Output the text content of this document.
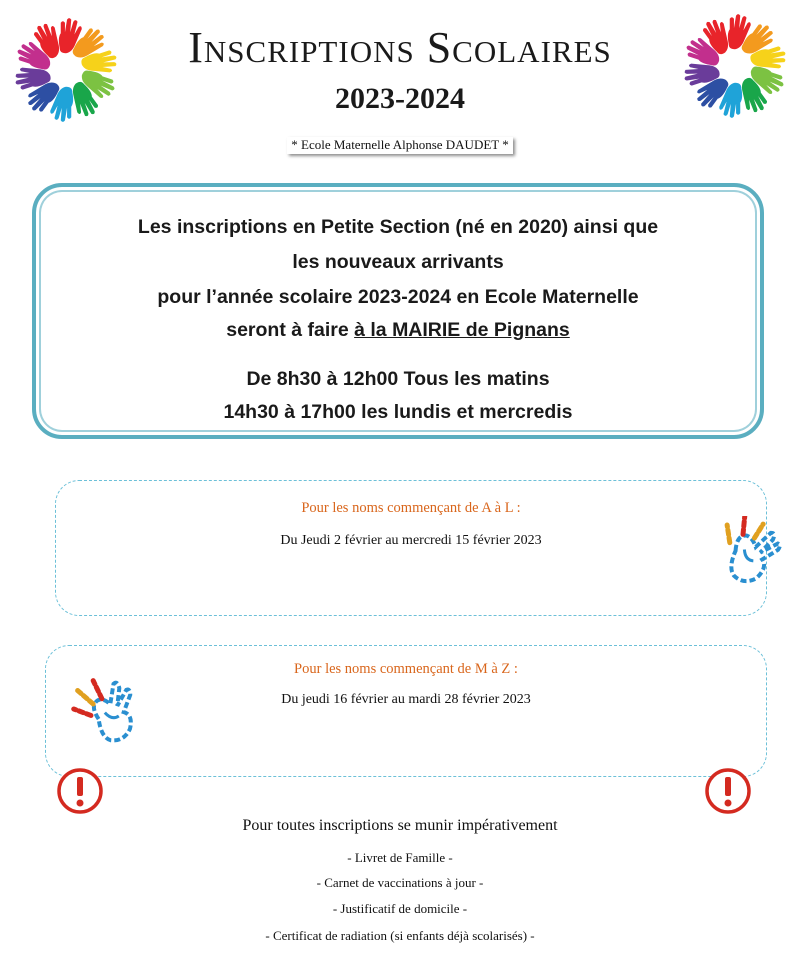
Inscriptions Scolaires
2023-2024
* Ecole Maternelle Alphonse DAUDET *
Les inscriptions en Petite Section (né en 2020) ainsi que
les nouveaux arrivants
pour l’année scolaire 2023-2024 en Ecole Maternelle
seront à faire à la MAIRIE de Pignans
De 8h30 à 12h00 Tous les matins
14h30 à 17h00 les lundis et mercredis
Pour les noms commençant de A à L :
Du Jeudi 2 février au mercredi 15 février 2023
Pour les noms commençant de M à Z :
Du jeudi 16 février au mardi 28 février 2023
Pour toutes inscriptions se munir impérativement
- Livret de Famille -
- Carnet de vaccinations à jour -
- Justificatif de domicile -
- Certificat de radiation (si enfants déjà scolarisés) -
